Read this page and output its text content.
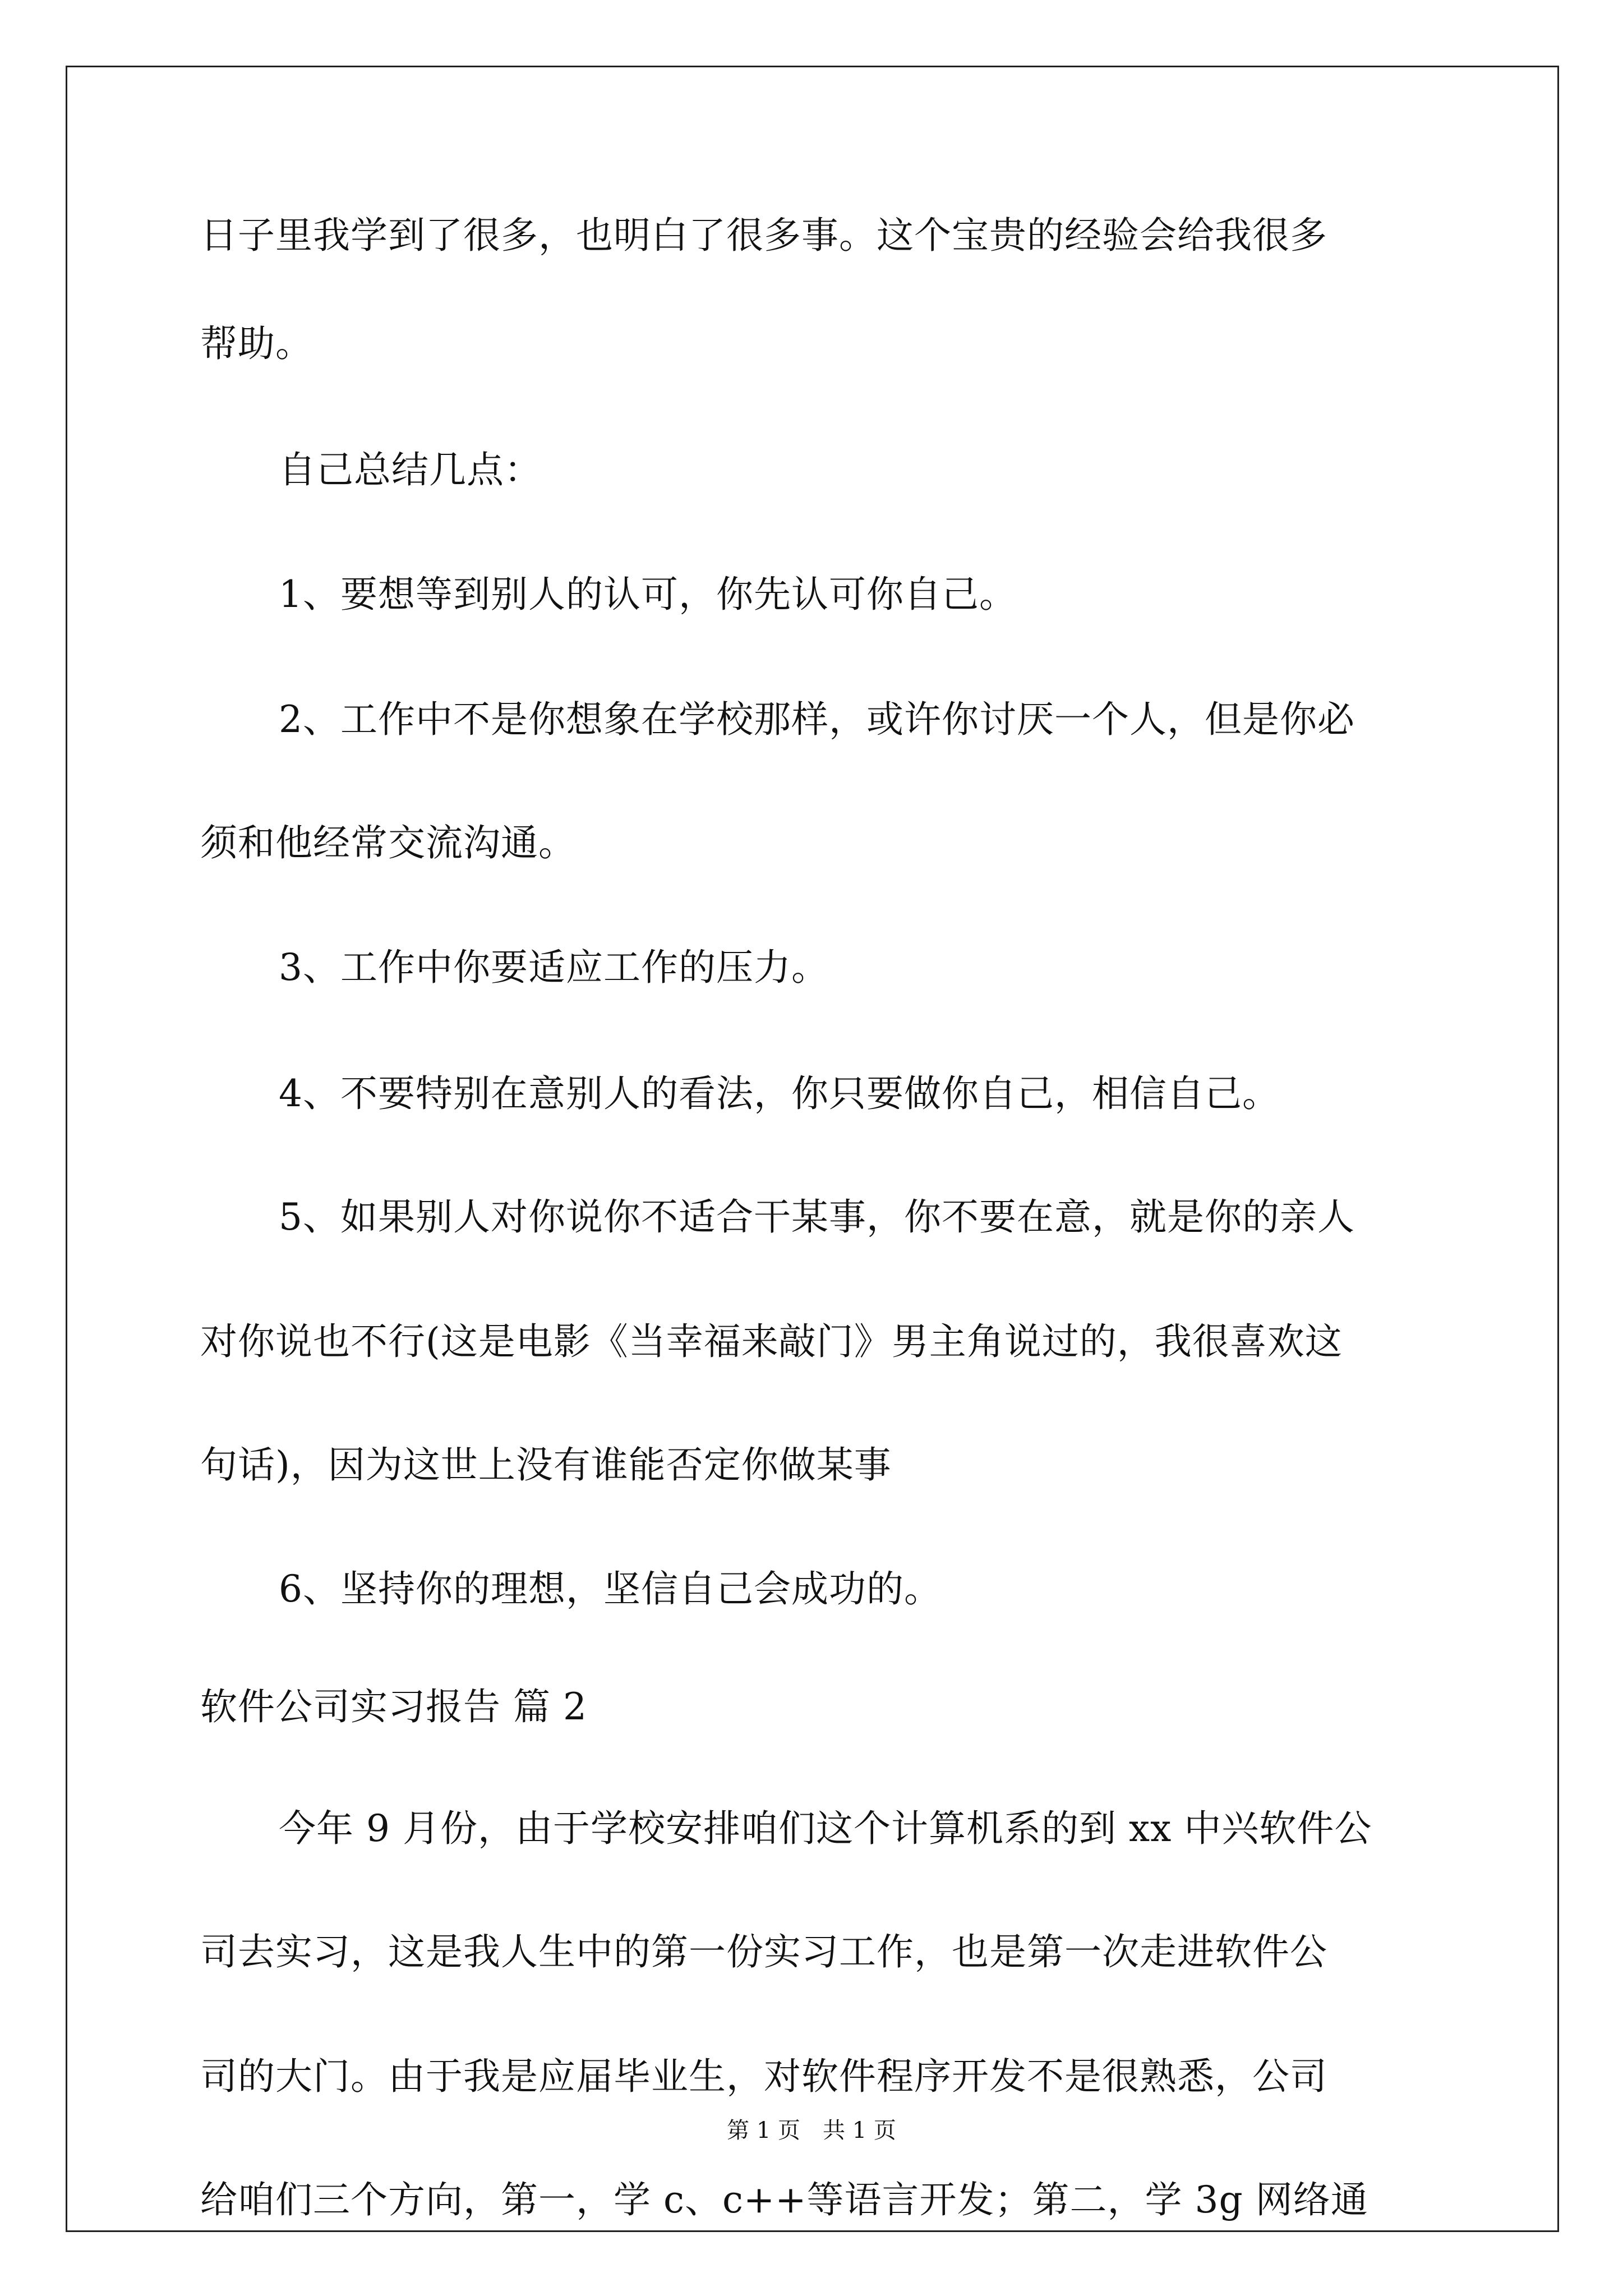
日子里我学到了很多，也明白了很多事。这个宝贵的经验会给我很多
帮助。
自己总结几点：
1、要想等到别人的认可，你先认可你自己。
2、工作中不是你想象在学校那样，或许你讨厌一个人，但是你必
须和他经常交流沟通。
3、工作中你要适应工作的压力。
4、不要特别在意别人的看法，你只要做你自己，相信自己。
5、如果别人对你说你不适合干某事，你不要在意，就是你的亲人
对你说也不行(这是电影《当幸福来敲门》男主角说过的，我很喜欢这
句话)，因为这世上没有谁能否定你做某事
6、坚持你的理想，坚信自己会成功的。
软件公司实习报告 篇 2
今年 9 月份，由于学校安排咱们这个计算机系的到 xx 中兴软件公
司去实习，这是我人生中的第一份实习工作，也是第一次走进软件公
司的大门。由于我是应届毕业生，对软件程序开发不是很熟悉，公司
给咱们三个方向，第一，学 c、c++等语言开发；第二，学 3g 网络通
第 1 页　共 1 页
